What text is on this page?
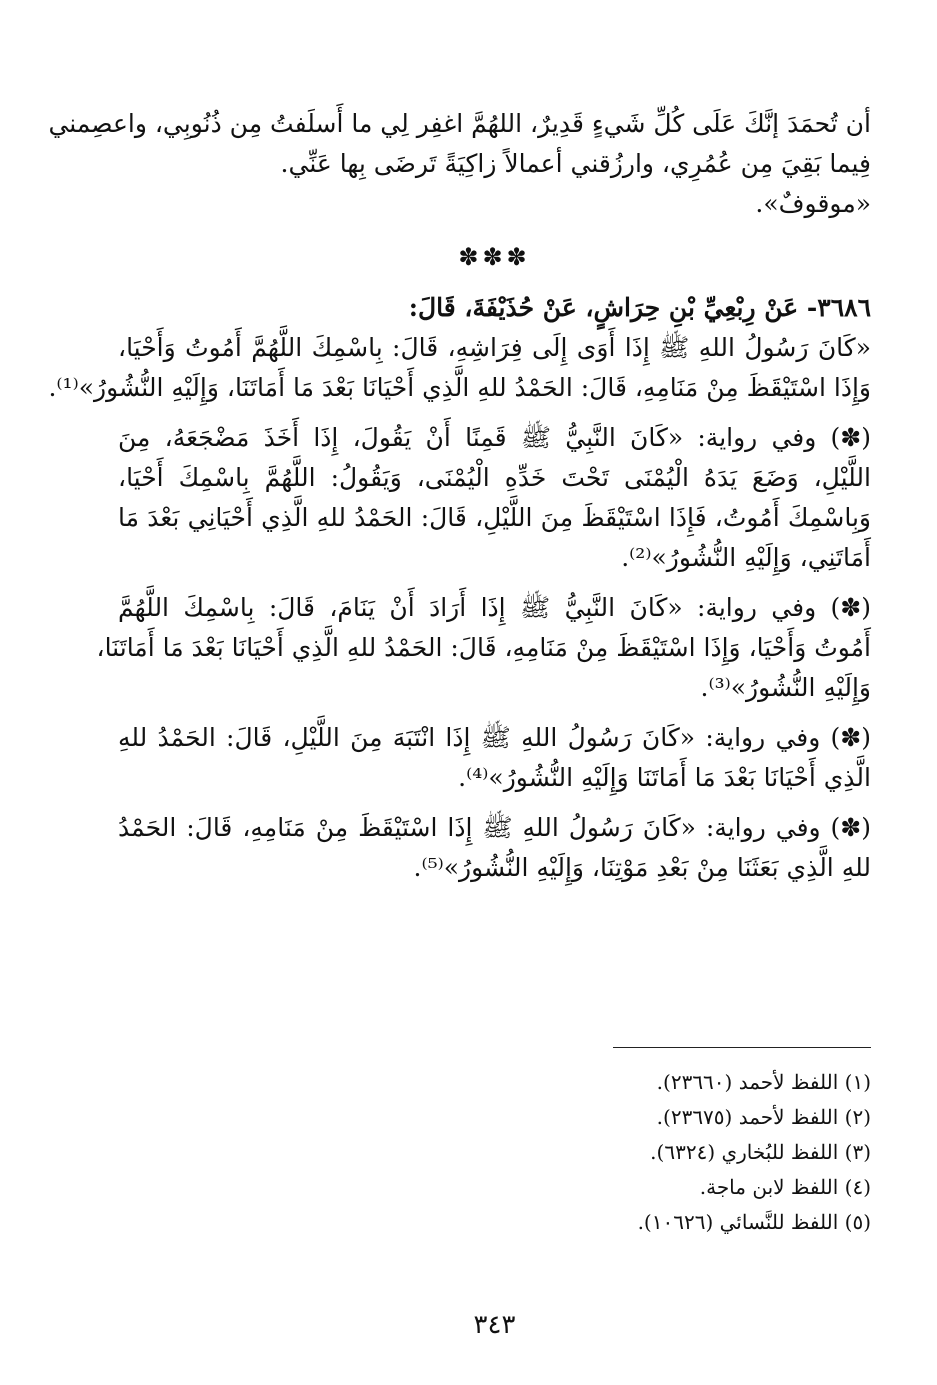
أن تُحمَدَ إنَّكَ عَلَى كُلِّ شَيءٍ قَدِيرٌ، اللهُمَّ اغفِر لِي ما أَسلَفتُ مِن ذُنُوبِي، واعصِمني
فِيما بَقِيَ مِن عُمُرِي، وارزُقني أعمالاً زاكِيَةً تَرضَى بِها عَنِّي.
«موقوفٌ».
✽✽✽
٣٦٨٦- عَنْ رِبْعِيِّ بْنِ حِرَاشٍ، عَنْ حُذَيْفَةَ، قَالَ:
«كَانَ رَسُولُ اللهِ ﷺ إِذَا أَوَى إِلَى فِرَاشِهِ، قَالَ: بِاسْمِكَ اللَّهُمَّ أَمُوتُ وَأَحْيَا،
وَإِذَا اسْتَيْقَظَ مِنْ مَنَامِهِ، قَالَ: الحَمْدُ للهِ الَّذِي أَحْيَانَا بَعْدَ مَا أَمَاتَنَا، وَإِلَيْهِ النُّشُورُ»⁽¹⁾.
(✽) وفي رواية: «كَانَ النَّبِيُّ ﷺ قَمِنًا أَنْ يَقُولَ، إِذَا أَخَذَ مَضْجَعَهُ، مِنَ
اللَّيْلِ، وَضَعَ يَدَهُ الْيُمْنَى تَحْتَ خَدِّهِ الْيُمْنَى، وَيَقُولُ: اللَّهُمَّ بِاسْمِكَ أَحْيَا،
وَبِاسْمِكَ أَمُوتُ، فَإِذَا اسْتَيْقَظَ مِنَ اللَّيْلِ، قَالَ: الحَمْدُ للهِ الَّذِي أَحْيَانِي بَعْدَ مَا
أَمَاتَنِي، وَإِلَيْهِ النُّشُورُ»⁽²⁾.
(✽) وفي رواية: «كَانَ النَّبِيُّ ﷺ إِذَا أَرَادَ أَنْ يَنَامَ، قَالَ: بِاسْمِكَ اللَّهُمَّ
أَمُوتُ وَأَحْيَا، وَإِذَا اسْتَيْقَظَ مِنْ مَنَامِهِ، قَالَ: الحَمْدُ للهِ الَّذِي أَحْيَانَا بَعْدَ مَا أَمَاتَنَا،
وَإِلَيْهِ النُّشُورُ»⁽³⁾.
(✽) وفي رواية: «كَانَ رَسُولُ اللهِ ﷺ إِذَا انْتَبَهَ مِنَ اللَّيْلِ، قَالَ: الحَمْدُ للهِ
الَّذِي أَحْيَانَا بَعْدَ مَا أَمَاتَنَا وَإِلَيْهِ النُّشُورُ»⁽⁴⁾.
(✽) وفي رواية: «كَانَ رَسُولُ اللهِ ﷺ إِذَا اسْتَيْقَظَ مِنْ مَنَامِهِ، قَالَ: الحَمْدُ
للهِ الَّذِي بَعَثَنَا مِنْ بَعْدِ مَوْتِنَا، وَإِلَيْهِ النُّشُورُ»⁽⁵⁾.
(١) اللفظ لأحمد (٢٣٦٦٠).
(٢) اللفظ لأحمد (٢٣٦٧٥).
(٣) اللفظ للبُخاري (٦٣٢٤).
(٤) اللفظ لابن ماجة.
(٥) اللفظ للنَّسائي (١٠٦٢٦).
٣٤٣
